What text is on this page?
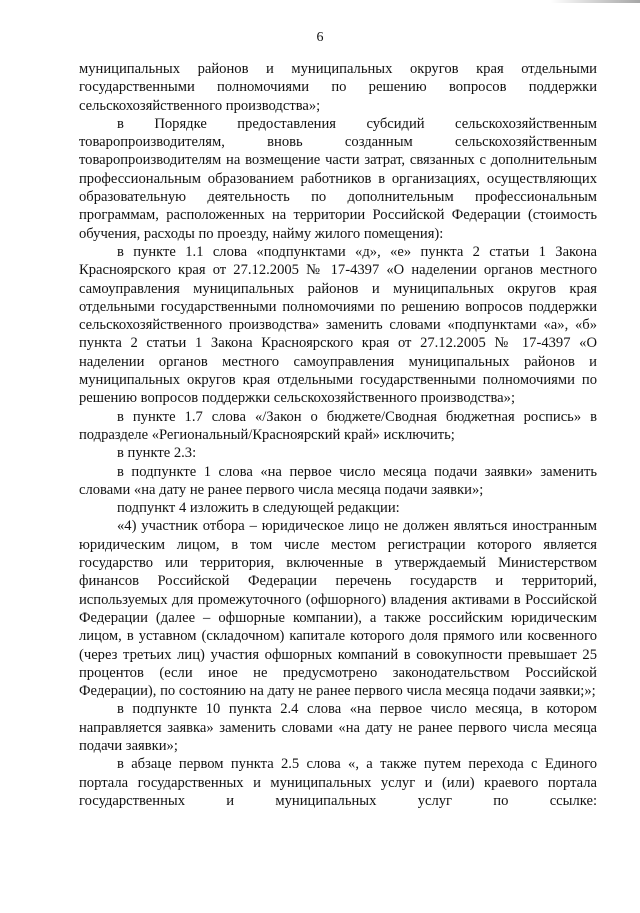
6

муниципальных районов и муниципальных округов края отдельными государственными полномочиями по решению вопросов поддержки сельскохозяйственного производства»;

в Порядке предоставления субсидий сельскохозяйственным товаропроизводителям, вновь созданным сельскохозяйственным товаропроизводителям на возмещение части затрат, связанных с дополнительным профессиональным образованием работников в организациях, осуществляющих образовательную деятельность по дополнительным профессиональным программам, расположенных на территории Российской Федерации (стоимость обучения, расходы по проезду, найму жилого помещения):

в пункте 1.1 слова «подпунктами «д», «е» пункта 2 статьи 1 Закона Красноярского края от 27.12.2005 № 17-4397 «О наделении органов местного самоуправления муниципальных районов и муниципальных округов края отдельными государственными полномочиями по решению вопросов поддержки сельскохозяйственного производства» заменить словами «подпунктами «а», «б» пункта 2 статьи 1 Закона Красноярского края от 27.12.2005 № 17-4397 «О наделении органов местного самоуправления муниципальных районов и муниципальных округов края отдельными государственными полномочиями по решению вопросов поддержки сельскохозяйственного производства»;

в пункте 1.7 слова «/Закон о бюджете/Сводная бюджетная роспись» в подразделе «Региональный/Красноярский край» исключить;

в пункте 2.3:

в подпункте 1 слова «на первое число месяца подачи заявки» заменить словами «на дату не ранее первого числа месяца подачи заявки»;

подпункт 4 изложить в следующей редакции:

«4) участник отбора – юридическое лицо не должен являться иностранным юридическим лицом, в том числе местом регистрации которого является государство или территория, включенные в утверждаемый Министерством финансов Российской Федерации перечень государств и территорий, используемых для промежуточного (офшорного) владения активами в Российской Федерации (далее – офшорные компании), а также российским юридическим лицом, в уставном (складочном) капитале которого доля прямого или косвенного (через третьих лиц) участия офшорных компаний в совокупности превышает 25 процентов (если иное не предусмотрено законодательством Российской Федерации), по состоянию на дату не ранее первого числа месяца подачи заявки;»;

в подпункте 10 пункта 2.4 слова «на первое число месяца, в котором направляется заявка» заменить словами «на дату не ранее первого числа месяца подачи заявки»;

в абзаце первом пункта 2.5 слова «, а также путем перехода с Единого портала государственных и муниципальных услуг и (или) краевого портала государственных и муниципальных услуг по ссылке:
